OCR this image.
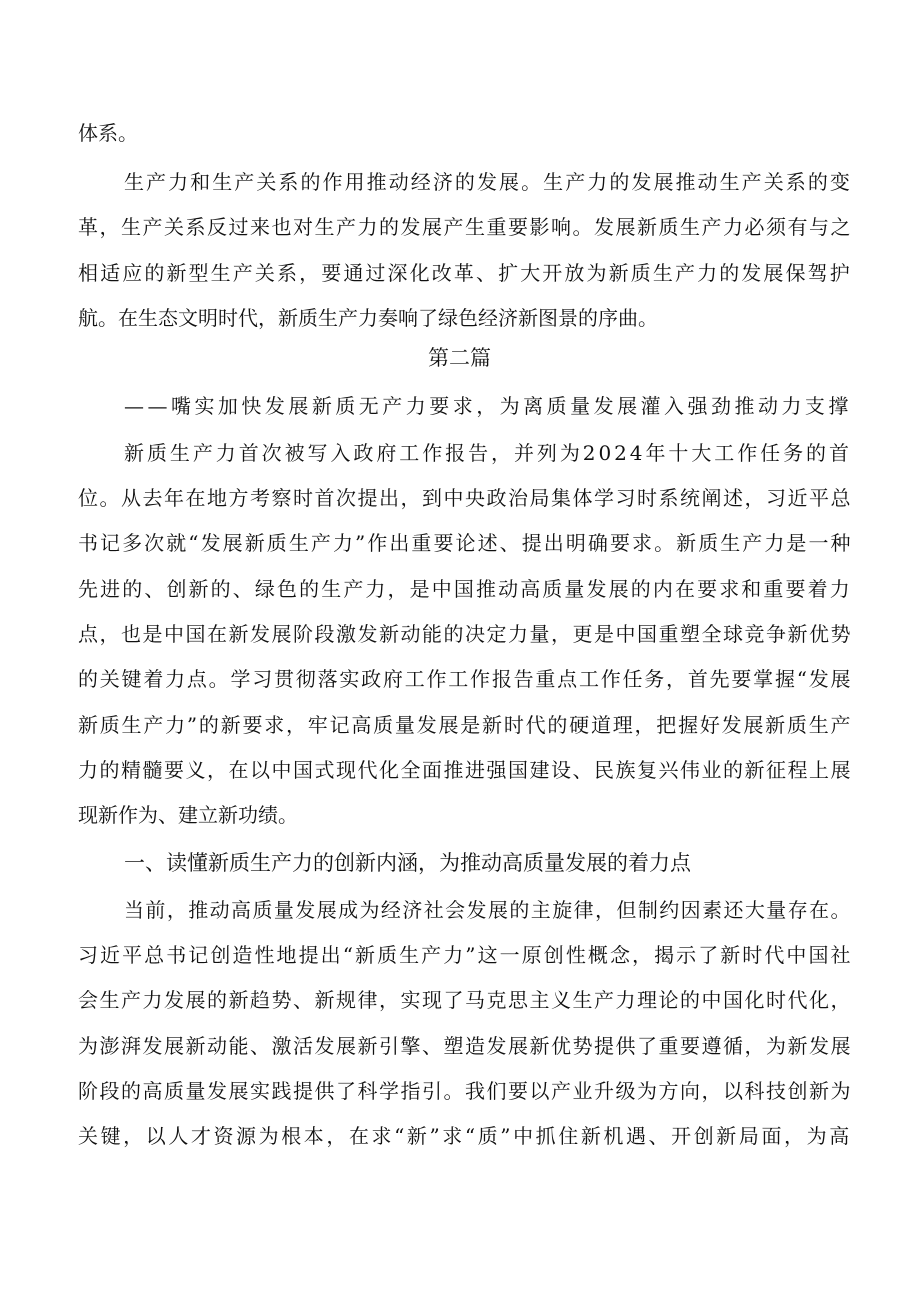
体系。
生产力和生产关系的作用推动经济的发展。生产力的发展推动生产关系的变
革，生产关系反过来也对生产力的发展产生重要影响。发展新质生产力必须有与之
相适应的新型生产关系，要通过深化改革、扩大开放为新质生产力的发展保驾护
航。在生态文明时代，新质生产力奏响了绿色经济新图景的序曲。
第二篇
——嘴实加快发展新质无产力要求，为离质量发展灌入强劲推动力支撑
新质生产力首次被写入政府工作报告，并列为2024年十大工作任务的首
位。从去年在地方考察时首次提出，到中央政治局集体学习时系统阐述，习近平总
书记多次就“发展新质生产力”作出重要论述、提出明确要求。新质生产力是一种
先进的、创新的、绿色的生产力，是中国推动高质量发展的内在要求和重要着力
点，也是中国在新发展阶段激发新动能的决定力量，更是中国重塑全球竞争新优势
的关键着力点。学习贯彻落实政府工作工作报告重点工作任务，首先要掌握“发展
新质生产力”的新要求，牢记高质量发展是新时代的硬道理，把握好发展新质生产
力的精髓要义，在以中国式现代化全面推进强国建设、民族复兴伟业的新征程上展
现新作为、建立新功绩。
一、读懂新质生产力的创新内涵，为推动高质量发展的着力点
当前，推动高质量发展成为经济社会发展的主旋律，但制约因素还大量存在。
习近平总书记创造性地提出“新质生产力”这一原创性概念，揭示了新时代中国社
会生产力发展的新趋势、新规律，实现了马克思主义生产力理论的中国化时代化，
为澎湃发展新动能、激活发展新引擎、塑造发展新优势提供了重要遵循，为新发展
阶段的高质量发展实践提供了科学指引。我们要以产业升级为方向，以科技创新为
关键，以人才资源为根本，在求“新”求“质”中抓住新机遇、开创新局面，为高
